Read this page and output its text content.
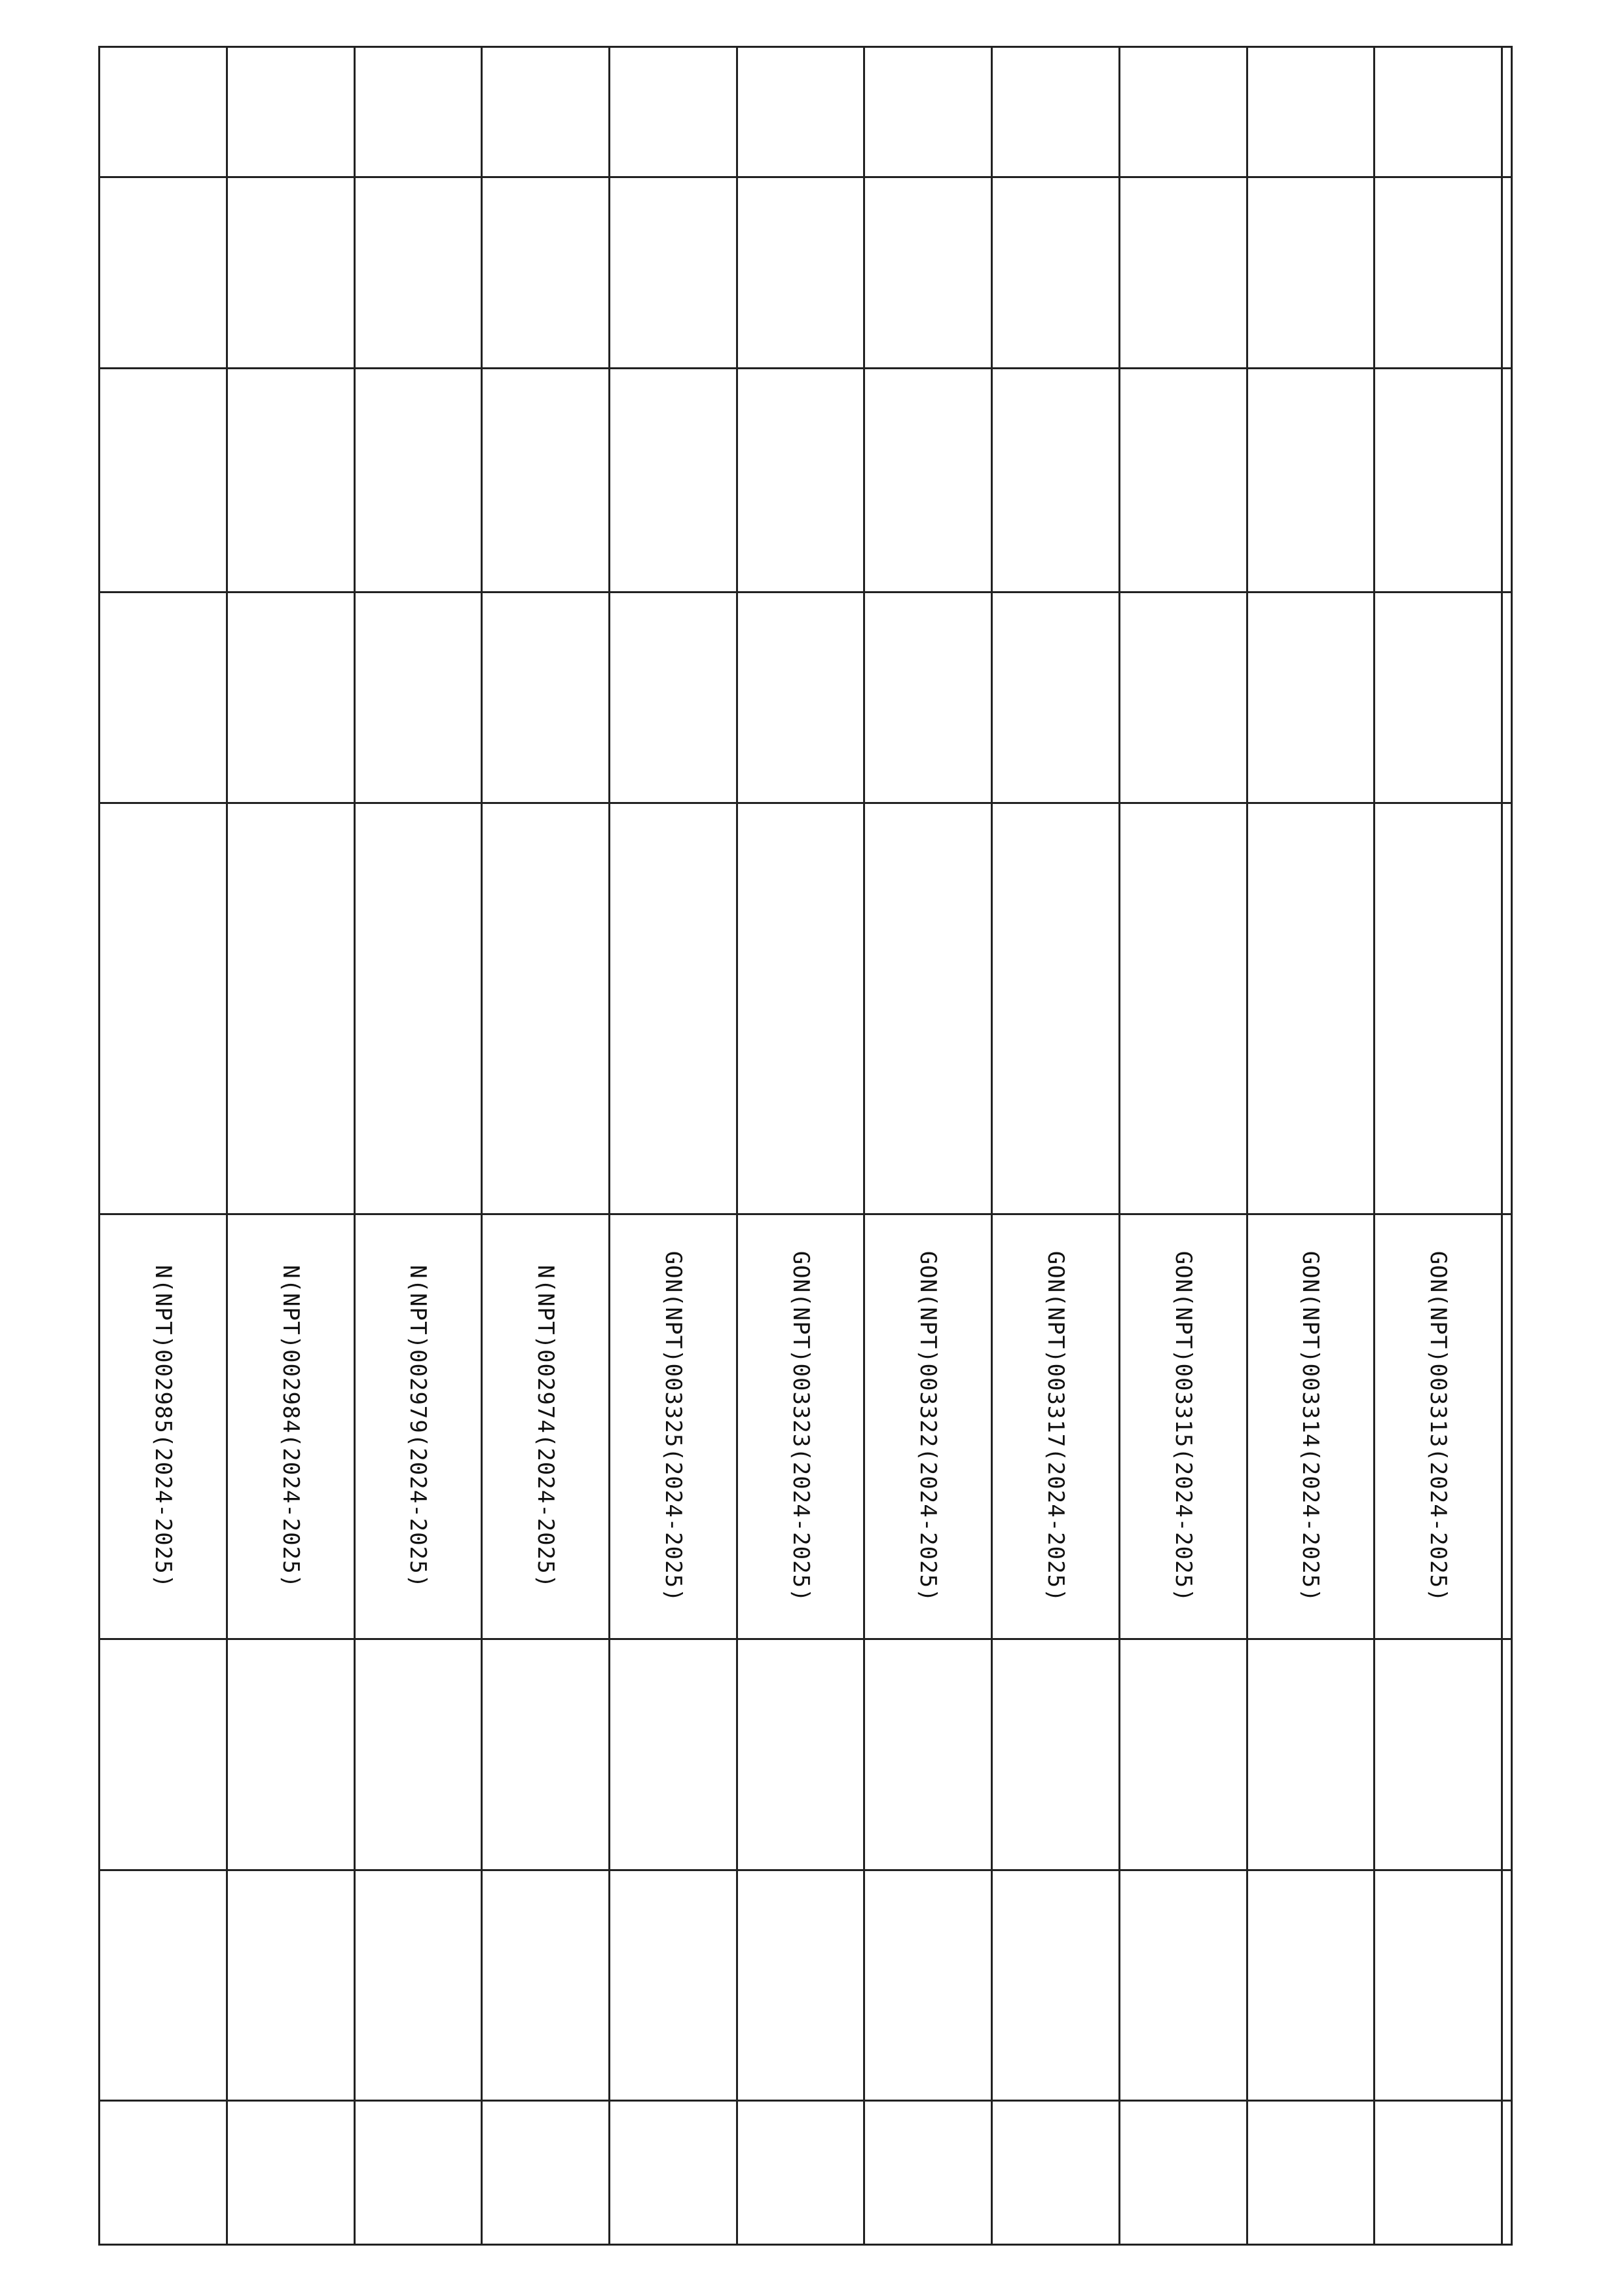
					GON(NPT)003313(2024-2025)			
					GON(NPT)003314(2024-2025)			
					GON(NPT)003315(2024-2025)			
					GON(NPT)003317(2024-2025)			
					GON(NPT)003322(2024-2025)			
					GON(NPT)003323(2024-2025)			
					GON(NPT)003325(2024-2025)			
					N(NPT)002974(2024-2025)			
					N(NPT)002979(2024-2025)			
					N(NPT)002984(2024-2025)			
					N(NPT)002985(2024-2025)			
